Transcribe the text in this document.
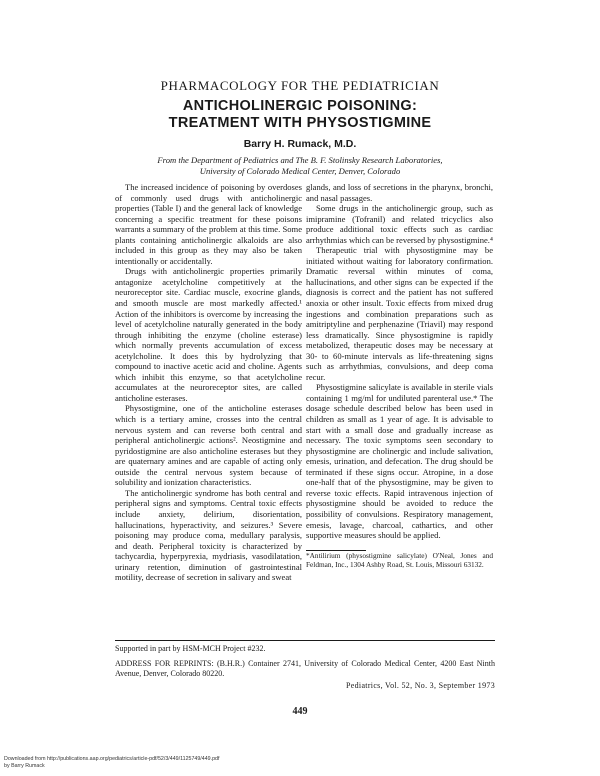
PHARMACOLOGY FOR THE PEDIATRICIAN
ANTICHOLINERGIC POISONING:
TREATMENT WITH PHYSOSTIGMINE
Barry H. Rumack, M.D.
From the Department of Pediatrics and The B. F. Stolinsky Research Laboratories,
University of Colorado Medical Center, Denver, Colorado

The increased incidence of poisoning by overdoses of commonly used drugs with anticholinergic properties (Table I) and the general lack of knowledge concerning a specific treatment for these poisons warrants a summary of the problem at this time. Some plants containing anticholinergic alkaloids are also included in this group as they may also be taken intentionally or accidentally.

Drugs with anticholinergic properties primarily antagonize acetylcholine competitively at the neuroreceptor site. Cardiac muscle, exocrine glands, and smooth muscle are most markedly affected.¹ Action of the inhibitors is overcome by increasing the level of acetylcholine naturally generated in the body through inhibiting the enzyme (choline esterase) which normally prevents accumulation of excess acetylcholine. It does this by hydrolyzing that compound to inactive acetic acid and choline. Agents which inhibit this enzyme, so that acetylcholine accumulates at the neuroreceptor sites, are called anticholine esterases.

Physostigmine, one of the anticholine esterases which is a tertiary amine, crosses into the central nervous system and can reverse both central and peripheral anticholinergic actions². Neostigmine and pyridostigmine are also anticholine esterases but they are quaternary amines and are capable of acting only outside the central nervous system because of solubility and ionization characteristics.

The anticholinergic syndrome has both central and peripheral signs and symptoms. Central toxic effects include anxiety, delirium, disorientation, hallucinations, hyperactivity, and seizures.³ Severe poisoning may produce coma, medullary paralysis, and death. Peripheral toxicity is characterized by tachycardia, hyperpyrexia, mydriasis, vasodilatation, urinary retention, diminution of gastrointestinal motility, decrease of secretion in salivary and sweat

glands, and loss of secretions in the pharynx, bronchi, and nasal passages.

Some drugs in the anticholinergic group, such as imipramine (Tofranil) and related tricyclics also produce additional toxic effects such as cardiac arrhythmias which can be reversed by physostigmine.⁴

Therapeutic trial with physostigmine may be initiated without waiting for laboratory confirmation. Dramatic reversal within minutes of coma, hallucinations, and other signs can be expected if the diagnosis is correct and the patient has not suffered anoxia or other insult. Toxic effects from mixed drug ingestions and combination preparations such as amitriptyline and perphenazine (Triavil) may respond less dramatically. Since physostigmine is rapidly metabolized, therapeutic doses may be necessary at 30- to 60-minute intervals as life-threatening signs such as arrhythmias, convulsions, and deep coma recur.

Physostigmine salicylate is available in sterile vials containing 1 mg/ml for undiluted parenteral use.* The dosage schedule described below has been used in children as small as 1 year of age. It is advisable to start with a small dose and gradually increase as necessary. The toxic symptoms seen secondary to physostigmine are cholinergic and include salivation, emesis, urination, and defecation. The drug should be terminated if these signs occur. Atropine, in a dose one-half that of the physostigmine, may be given to reverse toxic effects. Rapid intravenous injection of physostigmine should be avoided to reduce the possibility of convulsions. Respiratory management, emesis, lavage, charcoal, cathartics, and other supportive measures should be applied.

*Antilirium (physostigmine salicylate) O'Neal, Jones and Feldman, Inc., 1304 Ashby Road, St. Louis, Missouri 63132.

Supported in part by HSM-MCH Project #232.
ADDRESS FOR REPRINTS: (B.H.R.) Container 2741, University of Colorado Medical Center, 4200 East Ninth Avenue, Denver, Colorado 80220.
Pediatrics, Vol. 52, No. 3, September 1973
449
Downloaded from http://publications.aap.org/pediatrics/article-pdf/52/3/449/1125749/449.pdf
by Barry Rumack
